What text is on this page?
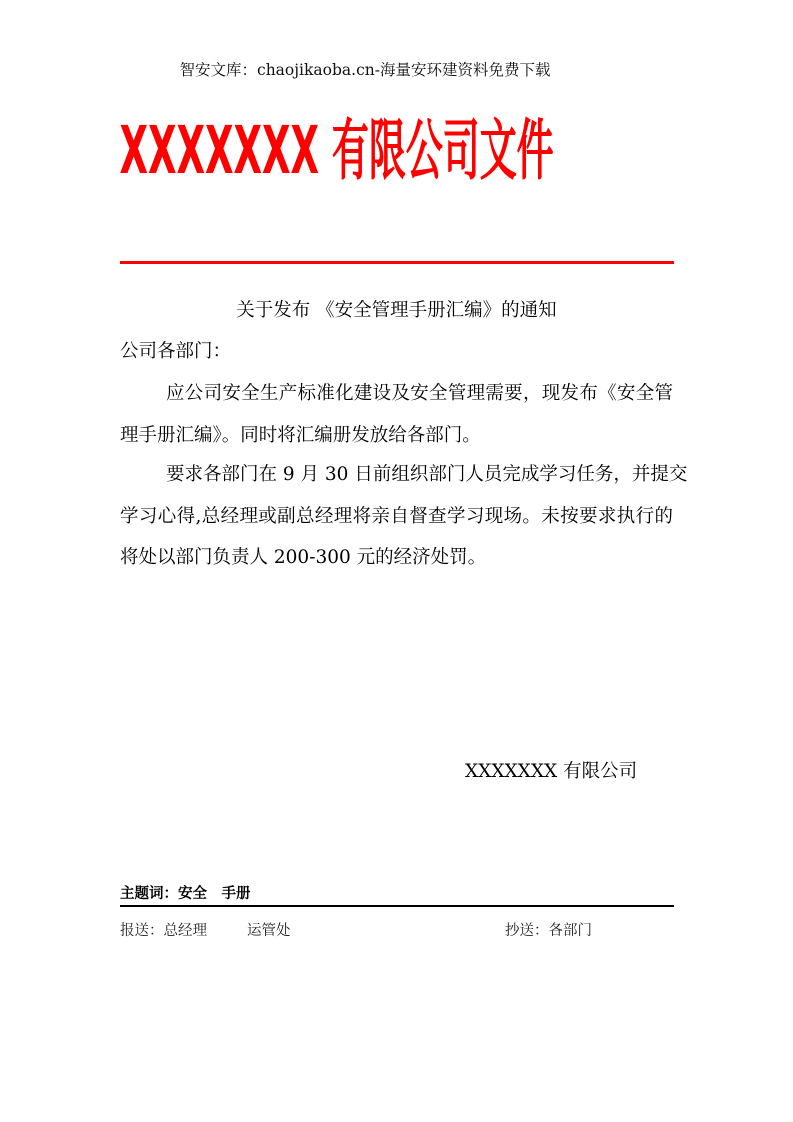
智安文库：chaojikaoba.cn-海量安环建资料免费下载
XXXXXXX 有限公司文件
关于发布 《安全管理手册汇编》的通知
公司各部门：
应公司安全生产标准化建设及安全管理需要，现发布《安全管
理手册汇编》。同时将汇编册发放给各部门。
要求各部门在 9 月 30 日前组织部门人员完成学习任务，并提交
学习心得,总经理或副总经理将亲自督查学习现场。未按要求执行的
将处以部门负责人 200-300 元的经济处罚。
XXXXXXX 有限公司
主题词：安全　手册
报送：总经理	运管处	抄送：各部门
